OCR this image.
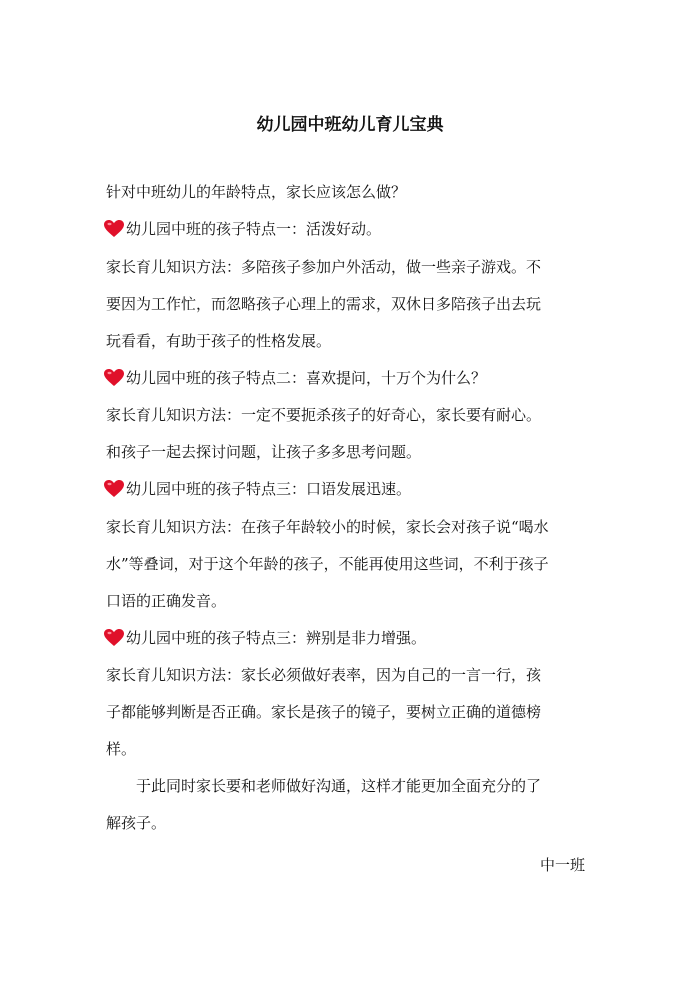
幼儿园中班幼儿育儿宝典
针对中班幼儿的年龄特点，家长应该怎么做？
幼儿园中班的孩子特点一：活泼好动。
家长育儿知识方法：多陪孩子参加户外活动，做一些亲子游戏。不
要因为工作忙，而忽略孩子心理上的需求，双休日多陪孩子出去玩
玩看看，有助于孩子的性格发展。
幼儿园中班的孩子特点二：喜欢提问，十万个为什么？
家长育儿知识方法：一定不要扼杀孩子的好奇心，家长要有耐心。
和孩子一起去探讨问题，让孩子多多思考问题。
幼儿园中班的孩子特点三：口语发展迅速。
家长育儿知识方法：在孩子年龄较小的时候，家长会对孩子说“喝水
水”等叠词，对于这个年龄的孩子，不能再使用这些词，不利于孩子
口语的正确发音。
幼儿园中班的孩子特点三：辨别是非力增强。
家长育儿知识方法：家长必须做好表率，因为自己的一言一行，孩
子都能够判断是否正确。家长是孩子的镜子，要树立正确的道德榜
样。
于此同时家长要和老师做好沟通，这样才能更加全面充分的了
解孩子。
中一班
